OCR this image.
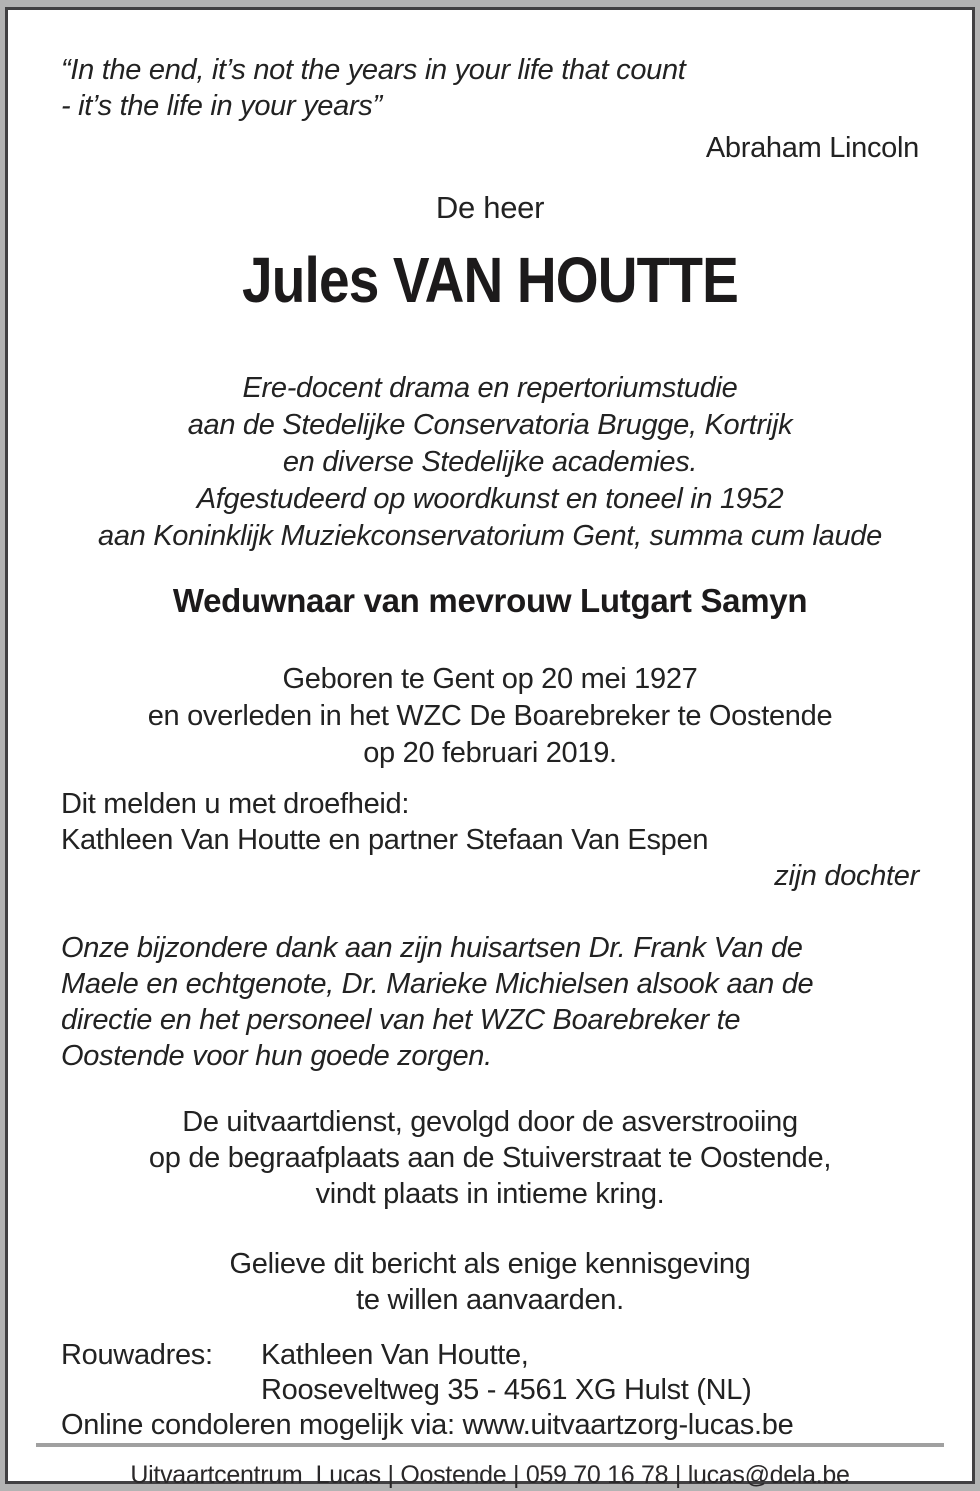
“In the end, it’s not the years in your life that count
- it’s the life in your years”
Abraham Lincoln
De heer
Jules VAN HOUTTE
Ere-docent drama en repertoriumstudie
aan de Stedelijke Conservatoria Brugge, Kortrijk
en diverse Stedelijke academies.
Afgestudeerd op woordkunst en toneel in 1952
aan Koninklijk Muziekconservatorium Gent, summa cum laude
Weduwnaar van mevrouw Lutgart Samyn
Geboren te Gent op 20 mei 1927
en overleden in het WZC De Boarebreker te Oostende
op 20 februari 2019.
Dit melden u met droefheid:
Kathleen Van Houtte en partner Stefaan Van Espen
zijn dochter
Onze bijzondere dank aan zijn huisartsen Dr. Frank Van de
Maele en echtgenote, Dr. Marieke Michielsen alsook aan de
directie en het personeel van het WZC Boarebreker te
Oostende voor hun goede zorgen.
De uitvaartdienst, gevolgd door de asverstrooiing
op de begraafplaats aan de Stuiverstraat te Oostende,
vindt plaats in intieme kring.
Gelieve dit bericht als enige kennisgeving
te willen aanvaarden.
Rouwadres:	Kathleen Van Houtte,
Rooseveltweg 35 - 4561 XG Hulst (NL)
Online condoleren mogelijk via: www.uitvaartzorg-lucas.be
Uitvaartcentrum  Lucas | Oostende | 059 70 16 78 | lucas@dela.be
